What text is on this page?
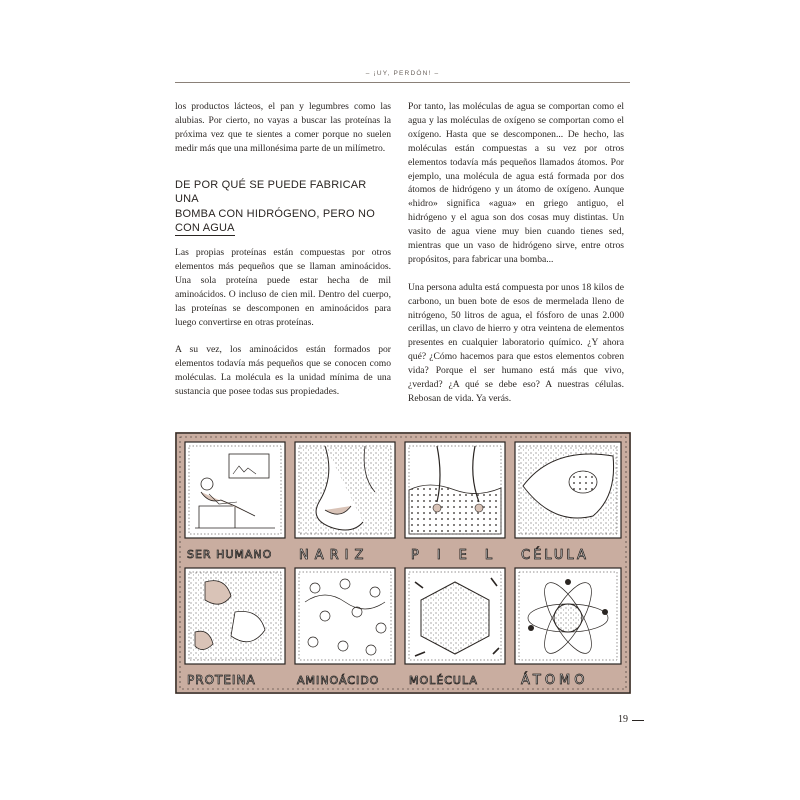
– ¡UY, PERDÓN! –

los productos lácteos, el pan y legumbres como las alubias. Por cierto, no vayas a buscar las proteínas la próxima vez que te sientes a comer porque no suelen medir más que una millonésima parte de un milímetro.

DE POR QUÉ SE PUEDE FABRICAR UNA
BOMBA CON HIDRÓGENO, PERO NO
CON AGUA

Las propias proteínas están compuestas por otros elementos más pequeños que se llaman aminoácidos. Una sola proteína puede estar hecha de mil aminoácidos. O incluso de cien mil. Dentro del cuerpo, las proteínas se descomponen en aminoácidos para luego convertirse en otras proteínas.

A su vez, los aminoácidos están formados por elementos todavía más pequeños que se conocen como moléculas. La molécula es la unidad mínima de una sustancia que posee todas sus propiedades.

Por tanto, las moléculas de agua se comportan como el agua y las moléculas de oxígeno se comportan como el oxígeno. Hasta que se descomponen... De hecho, las moléculas están compuestas a su vez por otros elementos todavía más pequeños llamados átomos. Por ejemplo, una molécula de agua está formada por dos átomos de hidrógeno y un átomo de oxígeno. Aunque «hidro» significa «agua» en griego antiguo, el hidrógeno y el agua son dos cosas muy distintas. Un vasito de agua viene muy bien cuando tienes sed, mientras que un vaso de hidrógeno sirve, entre otros propósitos, para fabricar una bomba...

Una persona adulta está compuesta por unos 18 kilos de carbono, un buen bote de esos de mermelada lleno de nitrógeno, 50 litros de agua, el fósforo de unas 2.000 cerillas, un clavo de hierro y otra veintena de elementos presentes en cualquier laboratorio químico. ¿Y ahora qué? ¿Cómo hacemos para que estos elementos cobren vida? Porque el ser humano está más que vivo, ¿verdad? ¿A qué se debe eso? A nuestras células. Rebosan de vida. Ya verás.

SER HUMANO NARIZ	PIEL CÉLULA
PROTEINA	AMINOÁCIDO	MOLÉCULA	ÁTOMO
19
